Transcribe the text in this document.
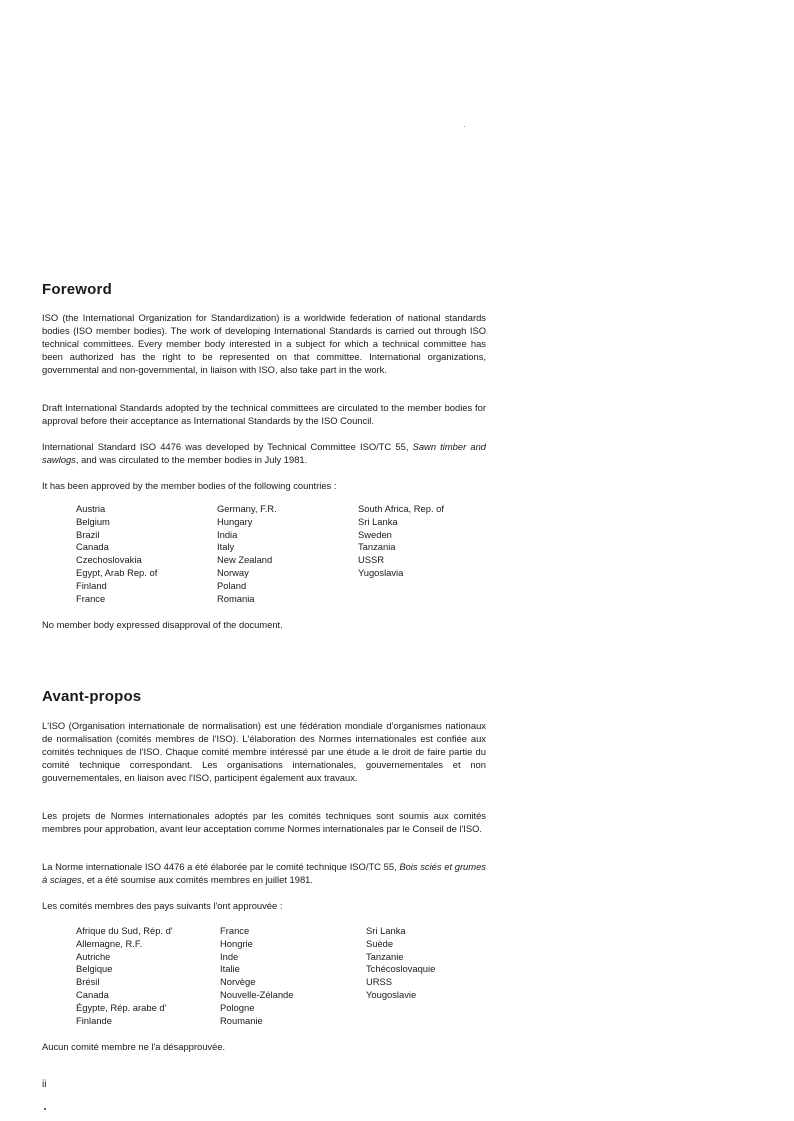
Foreword

ISO (the International Organization for Standardization) is a worldwide federation of national standards bodies (ISO member bodies). The work of developing International Standards is carried out through ISO technical committees. Every member body interested in a subject for which a technical committee has been authorized has the right to be represented on that committee. International organizations, governmental and non-governmental, in liaison with ISO, also take part in the work.

Draft International Standards adopted by the technical committees are circulated to the member bodies for approval before their acceptance as International Standards by the ISO Council.

International Standard ISO 4476 was developed by Technical Committee ISO/TC 55, Sawn timber and sawlogs, and was circulated to the member bodies in July 1981.

It has been approved by the member bodies of the following countries :

Austria
Belgium
Brazil
Canada
Czechoslovakia
Egypt, Arab Rep. of
Finland
France
Germany, F.R.
Hungary
India
Italy
New Zealand
Norway
Poland
Romania
South Africa, Rep. of
Sri Lanka
Sweden
Tanzania
USSR
Yugoslavia

No member body expressed disapproval of the document.

Avant-propos

L'ISO (Organisation internationale de normalisation) est une fédération mondiale d'organismes nationaux de normalisation (comités membres de l'ISO). L'élaboration des Normes internationales est confiée aux comités techniques de l'ISO. Chaque comité membre intéressé par une étude a le droit de faire partie du comité technique correspondant. Les organisations internationales, gouvernementales et non gouvernementales, en liaison avec l'ISO, participent également aux travaux.

Les projets de Normes internationales adoptés par les comités techniques sont soumis aux comités membres pour approbation, avant leur acceptation comme Normes internationales par le Conseil de l'ISO.

La Norme internationale ISO 4476 a été élaborée par le comité technique ISO/TC 55, Bois sciés et grumes à sciages, et a été soumise aux comités membres en juillet 1981.

Les comités membres des pays suivants l'ont approuvée :

Afrique du Sud, Rép. d'
Allemagne, R.F.
Autriche
Belgique
Brésil
Canada
Égypte, Rép. arabe d'
Finlande
France
Hongrie
Inde
Italie
Norvège
Nouvelle-Zélande
Pologne
Roumanie
Sri Lanka
Suède
Tanzanie
Tchécoslovaquie
URSS
Yougoslavie

Aucun comité membre ne l'a désapprouvée.

ii
